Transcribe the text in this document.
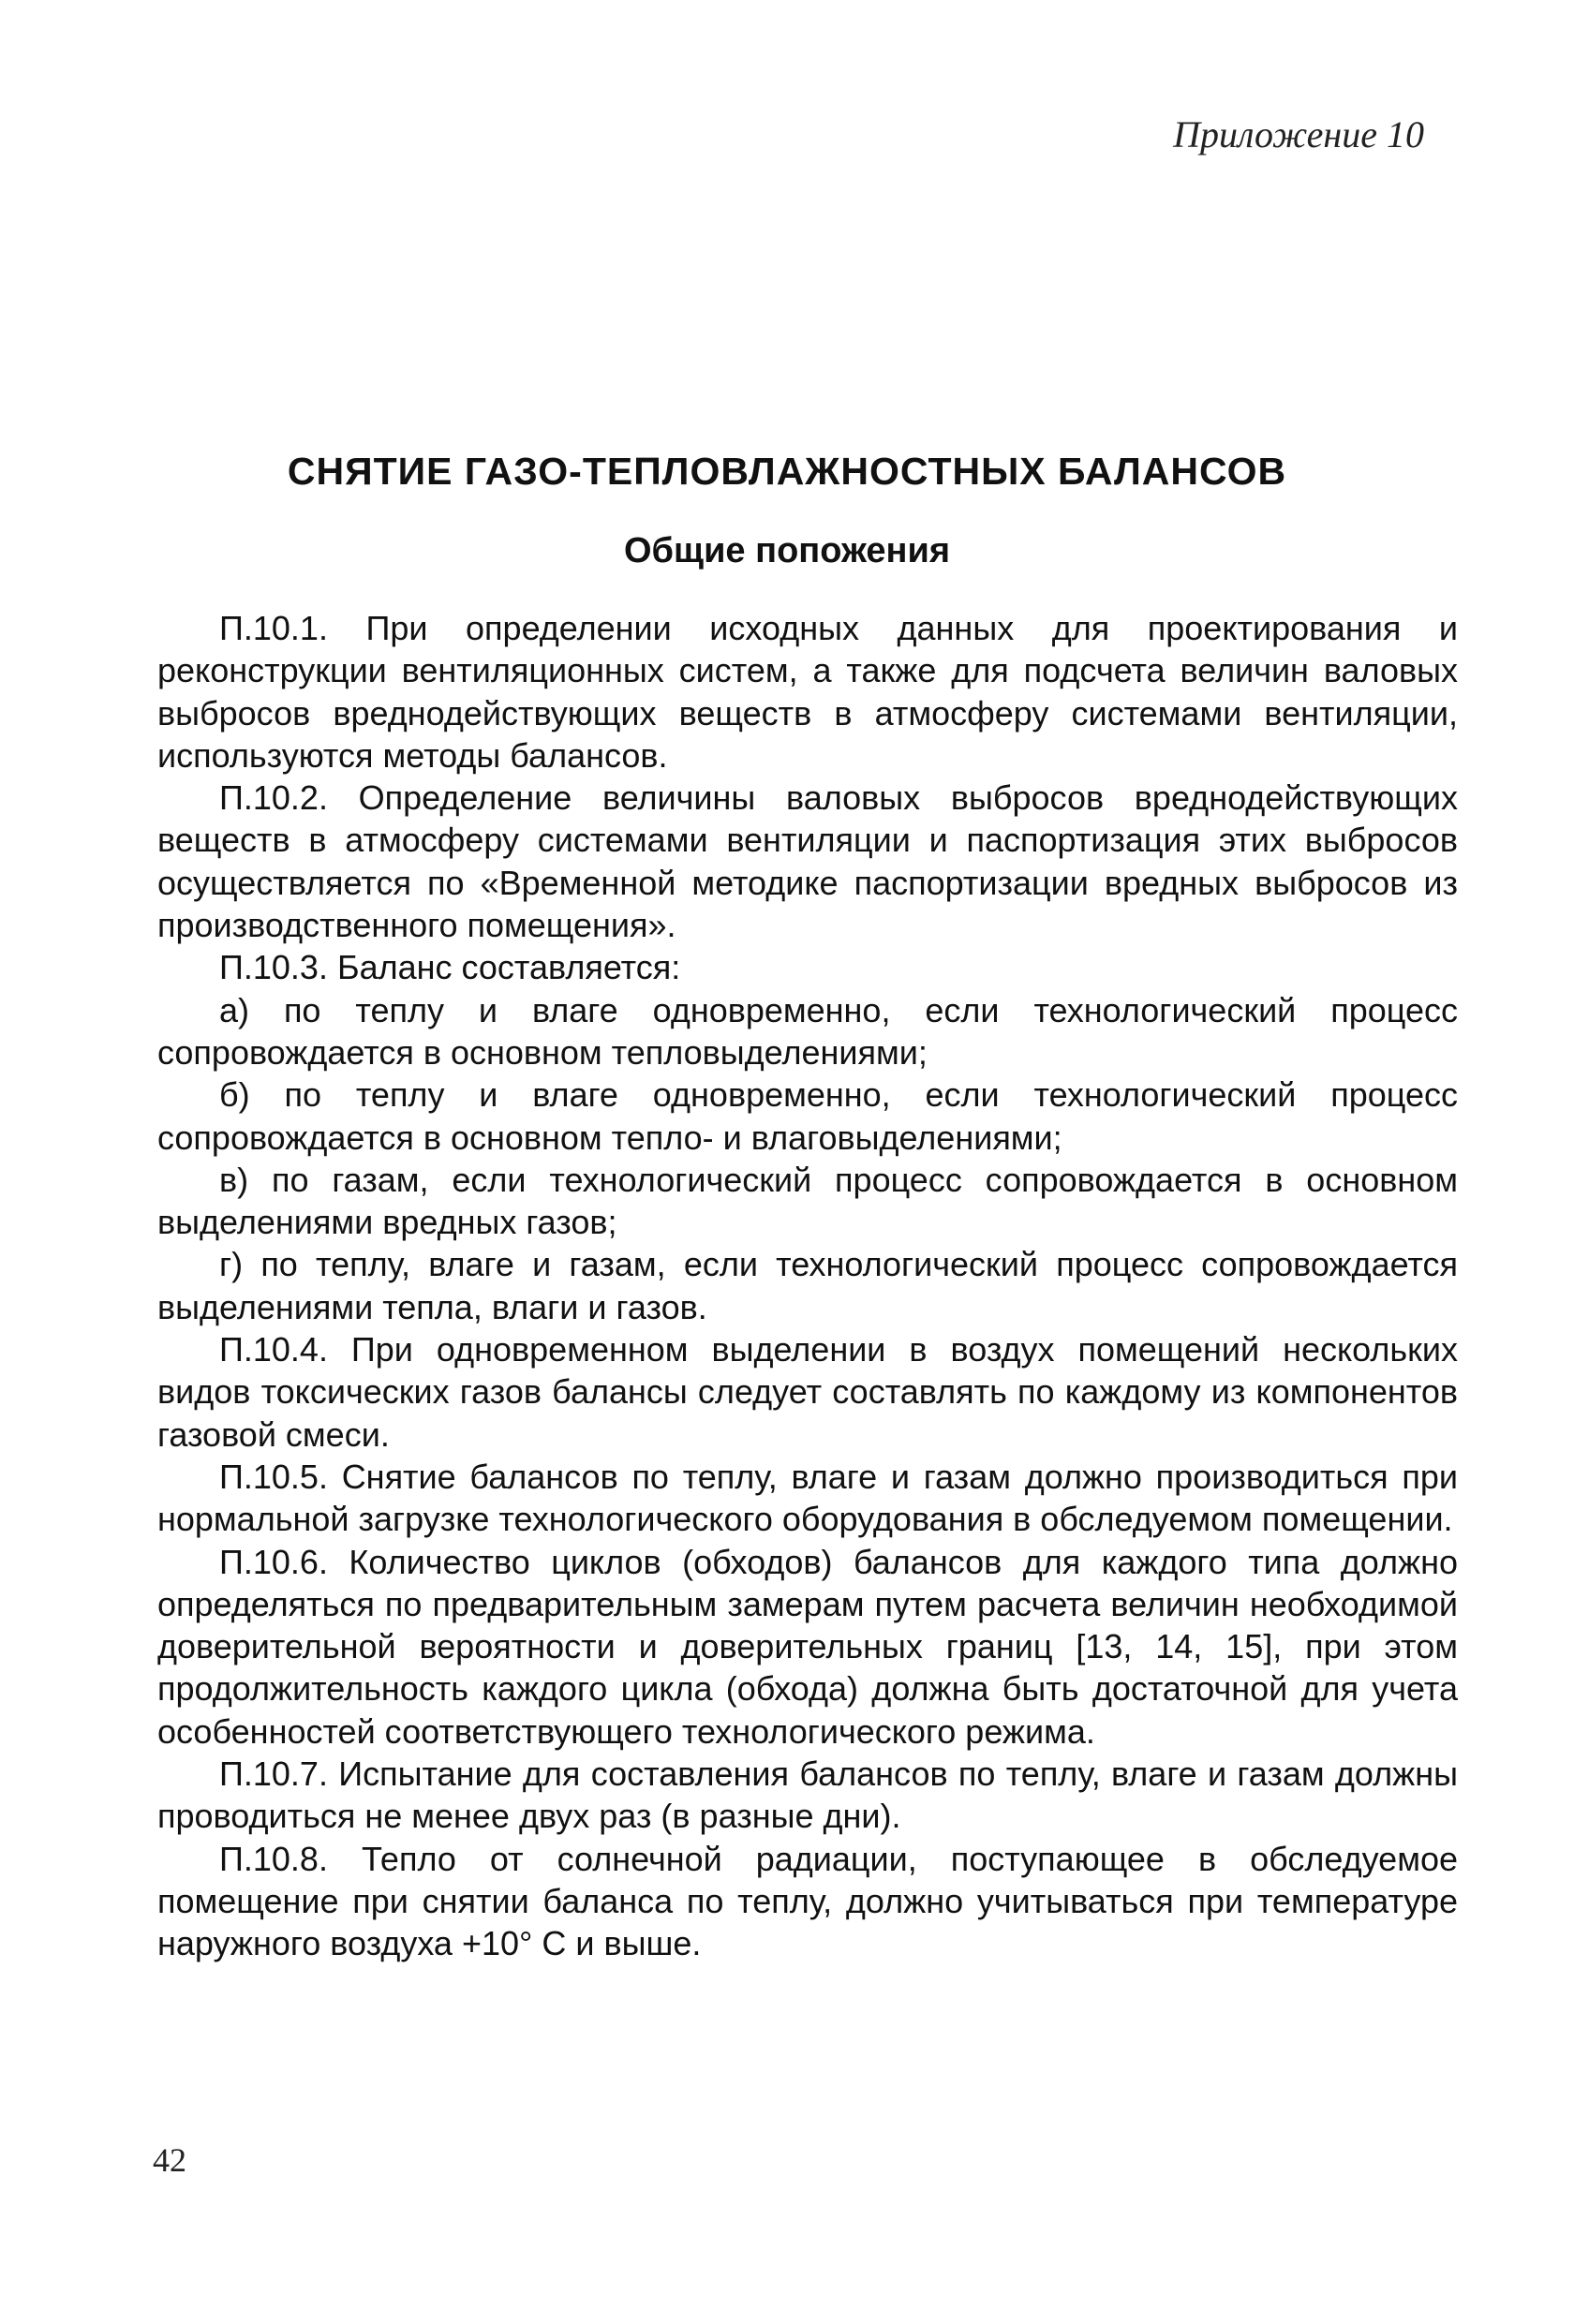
Приложение 10
СНЯТИЕ ГАЗО-ТЕПЛОВЛАЖНОСТНЫХ БАЛАНСОВ
Общие попожения

П.10.1. При определении исходных данных для проектирования и реконструкции вентиляционных систем, а также для подсчета величин валовых выбросов вреднодействующих веществ в атмосферу системами вентиляции, используются методы балансов.

П.10.2. Определение величины валовых выбросов вреднодействующих веществ в атмосферу системами вентиляции и паспортизация этих выбросов осуществляется по «Временной методике паспортизации вредных выбросов из производственного помещения».

П.10.3. Баланс составляется:

а) по теплу и влаге одновременно, если технологический процесс сопровождается в основном тепловыделениями;

б) по теплу и влаге одновременно, если технологический процесс сопровождается в основном тепло- и влаговыделениями;

в) по газам, если технологический процесс сопровождается в основном выделениями вредных газов;

г) по теплу, влаге и газам, если технологический процесс сопровождается выделениями тепла, влаги и газов.

П.10.4. При одновременном выделении в воздух помещений нескольких видов токсических газов балансы следует составлять по каждому из компонентов газовой смеси.

П.10.5. Снятие балансов по теплу, влаге и газам должно производиться при нормальной загрузке технологического оборудования в обследуемом помещении.

П.10.6. Количество циклов (обходов) балансов для каждого типа должно определяться по предварительным замерам путем расчета величин необходимой доверительной вероятности и доверительных границ [13, 14, 15], при этом продолжительность каждого цикла (обхода) должна быть достаточной для учета особенностей соответствующего технологического режима.

П.10.7. Испытание для составления балансов по теплу, влаге и газам должны проводиться не менее двух раз (в разные дни).

П.10.8. Тепло от солнечной радиации, поступающее в обследуемое помещение при снятии баланса по теплу, должно учитываться при температуре наружного воздуха +10° С и выше.

42
